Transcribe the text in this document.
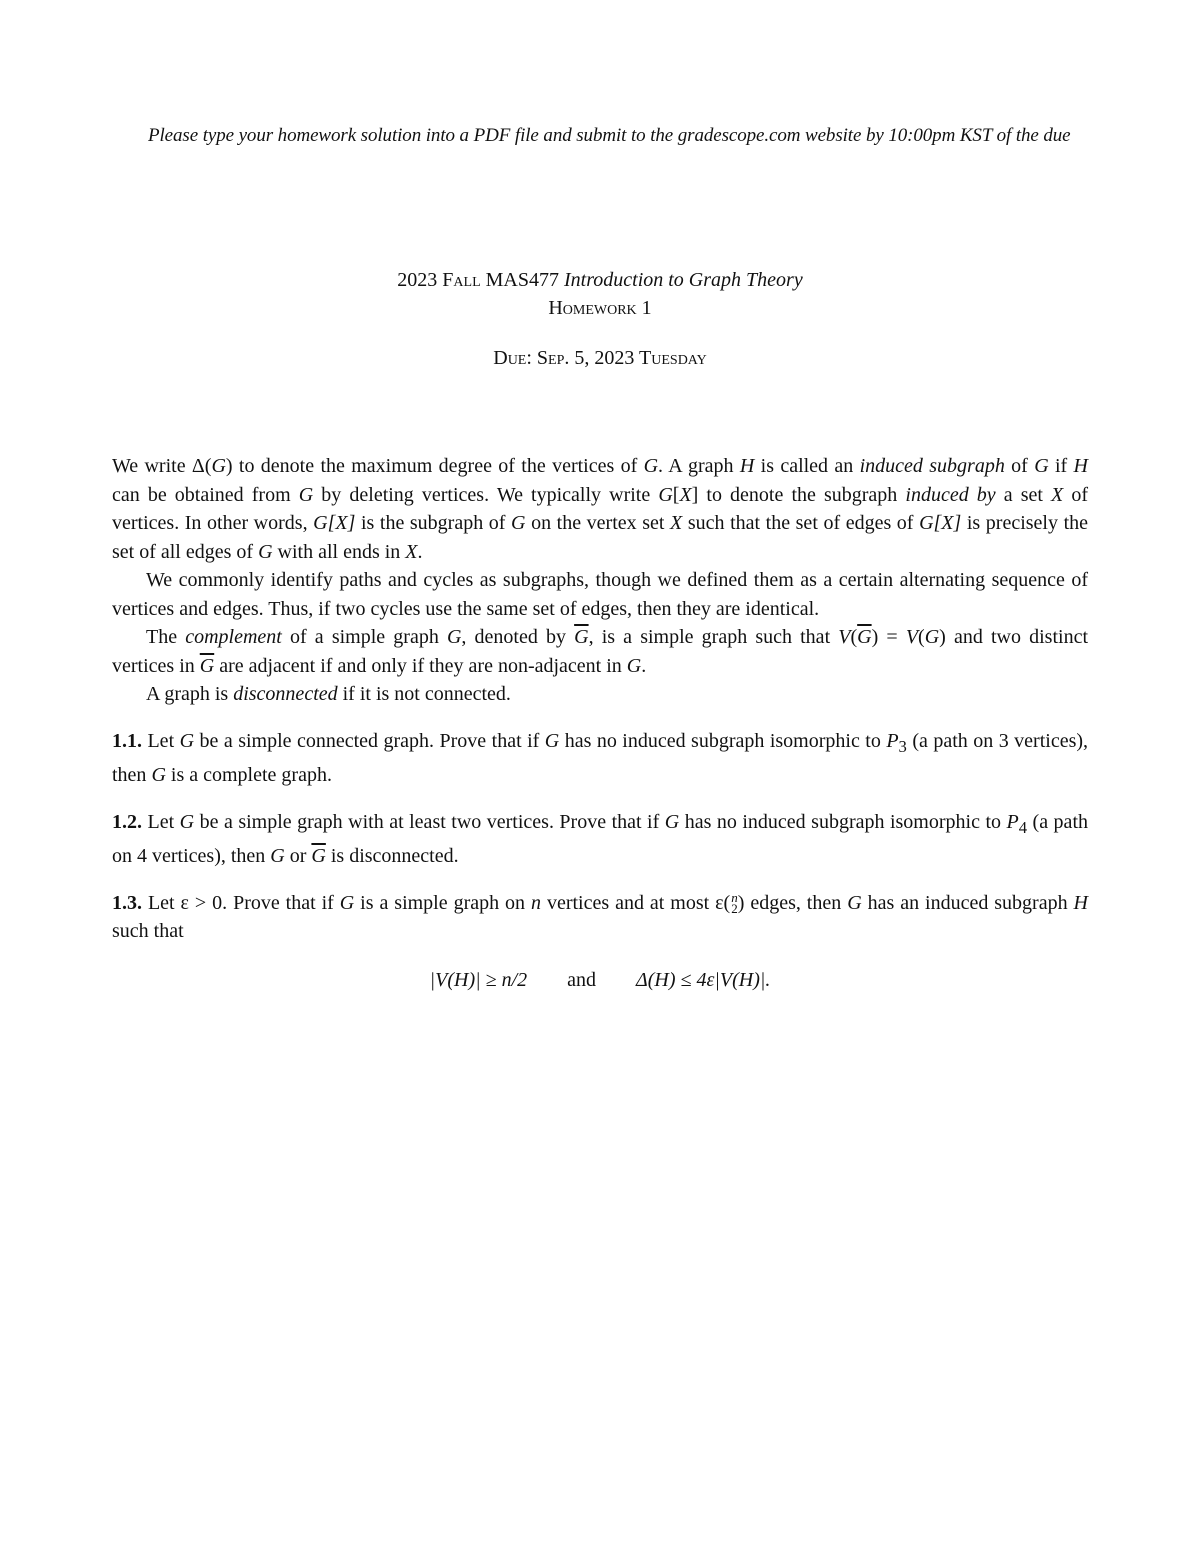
Please type your homework solution into a PDF file and submit to the gradescope.com website by 10:00pm KST of the due
2023 Fall MAS477 Introduction to Graph Theory
Homework 1
Due: Sep. 5, 2023 Tuesday

We write Δ(G) to denote the maximum degree of the vertices of G. A graph H is called an induced subgraph of G if H can be obtained from G by deleting vertices. We typically write G[X] to denote the subgraph induced by a set X of vertices. In other words, G[X] is the subgraph of G on the vertex set X such that the set of edges of G[X] is precisely the set of all edges of G with all ends in X.

We commonly identify paths and cycles as subgraphs, though we defined them as a certain alternating sequence of vertices and edges. Thus, if two cycles use the same set of edges, then they are identical.

The complement of a simple graph G, denoted by $\overline{G}$, is a simple graph such that $V(\overline{G}) = V(G)$ and two distinct vertices in $\overline{G}$ are adjacent if and only if they are non-adjacent in G.

A graph is disconnected if it is not connected.

1.1. Let G be a simple connected graph. Prove that if G has no induced subgraph isomorphic to $P_3$ (a path on 3 vertices), then G is a complete graph.

1.2. Let G be a simple graph with at least two vertices. Prove that if G has no induced subgraph isomorphic to $P_4$ (a path on 4 vertices), then G or $\overline{G}$ is disconnected.

1.3. Let ε > 0. Prove that if G is a simple graph on n vertices and at most ε(n
2) edges, then G has an induced subgraph H such that

|V(H)| ≥ n/2 and Δ(H) ≤ 4ε|V(H)|.
